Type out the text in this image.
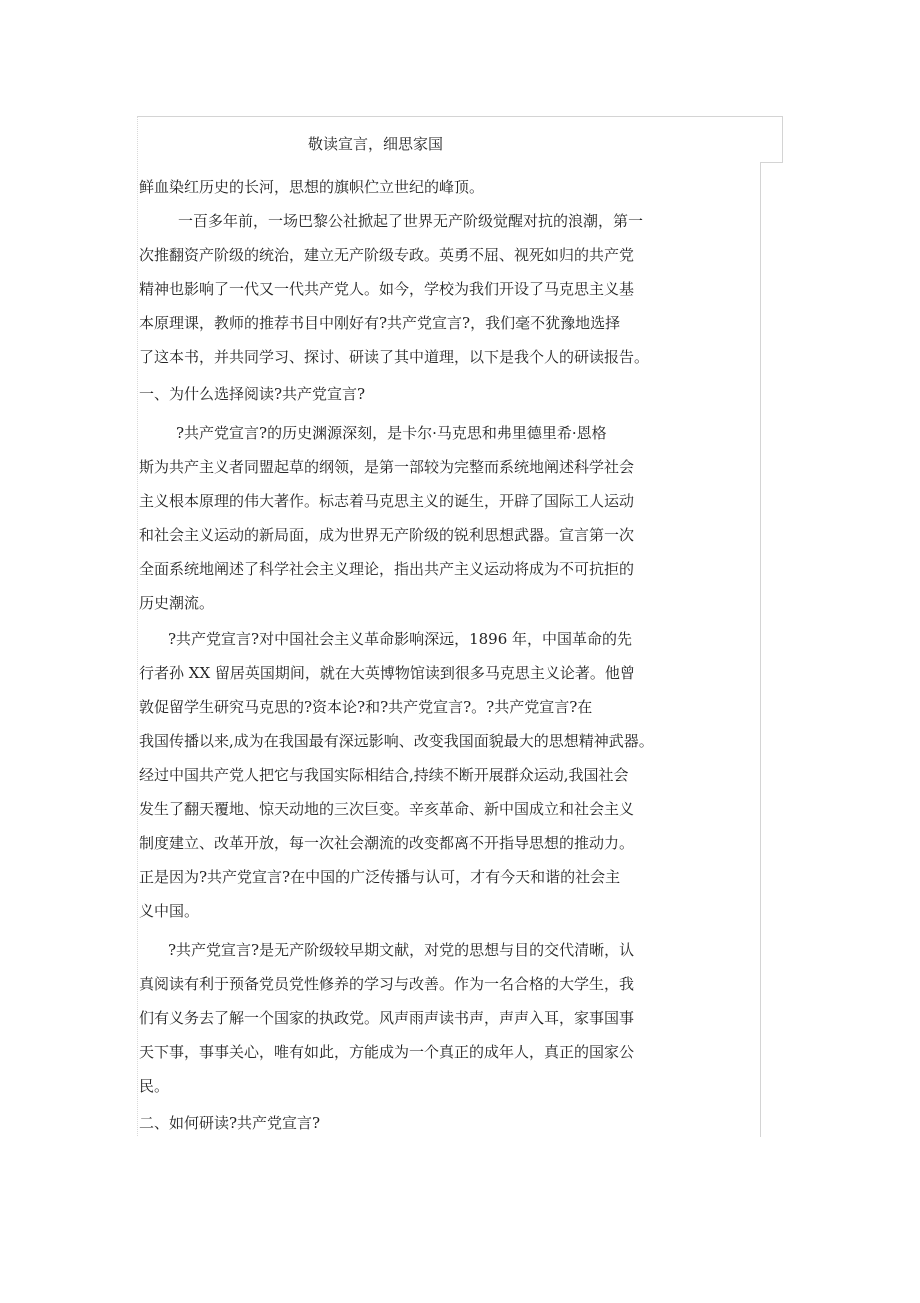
敬读宣言，细思家国
鲜血染红历史的长河，思想的旗帜伫立世纪的峰顶。
一百多年前，一场巴黎公社掀起了世界无产阶级觉醒对抗的浪潮，第一
次推翻资产阶级的统治，建立无产阶级专政。英勇不屈、视死如归的共产党
精神也影响了一代又一代共产党人。如今，学校为我们开设了马克思主义基
本原理课，教师的推荐书目中刚好有?共产党宣言?，我们毫不犹豫地选择
了这本书，并共同学习、探讨、研读了其中道理，以下是我个人的研读报告。
一、为什么选择阅读?共产党宣言?
?共产党宣言?的历史渊源深刻，是卡尔·马克思和弗里德里希·恩格
斯为共产主义者同盟起草的纲领，是第一部较为完整而系统地阐述科学社会
主义根本原理的伟大著作。标志着马克思主义的诞生，开辟了国际工人运动
和社会主义运动的新局面，成为世界无产阶级的锐利思想武器。宣言第一次
全面系统地阐述了科学社会主义理论，指出共产主义运动将成为不可抗拒的
历史潮流。
?共产党宣言?对中国社会主义革命影响深远，1896 年，中国革命的先
行者孙 XX 留居英国期间，就在大英博物馆读到很多马克思主义论著。他曾
敦促留学生研究马克思的?资本论?和?共产党宣言?。?共产党宣言?在
我国传播以来,成为在我国最有深远影响、改变我国面貌最大的思想精神武器。
经过中国共产党人把它与我国实际相结合,持续不断开展群众运动,我国社会
发生了翻天覆地、惊天动地的三次巨变。辛亥革命、新中国成立和社会主义
制度建立、改革开放，每一次社会潮流的改变都离不开指导思想的推动力。
正是因为?共产党宣言?在中国的广泛传播与认可，才有今天和谐的社会主
义中国。
?共产党宣言?是无产阶级较早期文献，对党的思想与目的交代清晰，认
真阅读有利于预备党员党性修养的学习与改善。作为一名合格的大学生，我
们有义务去了解一个国家的执政党。风声雨声读书声，声声入耳，家事国事
天下事，事事关心，唯有如此，方能成为一个真正的成年人，真正的国家公
民。
二、如何研读?共产党宣言?
